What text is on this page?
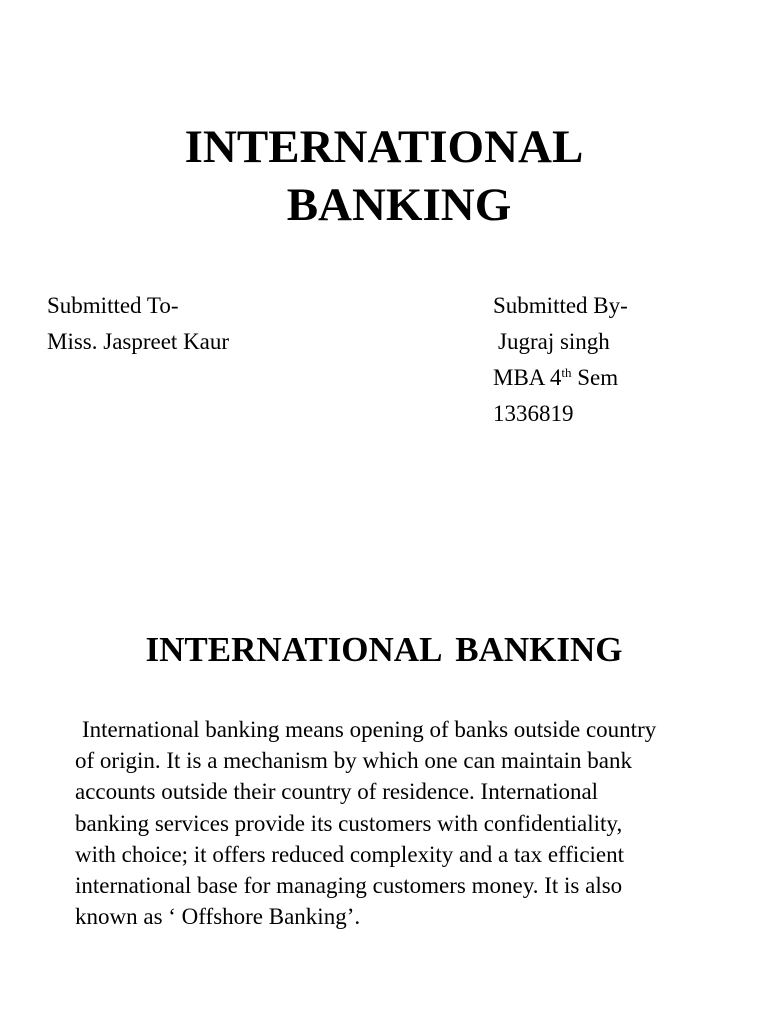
INTERNATIONAL
BANKING
Submitted To-
Miss. Jaspreet Kaur
Submitted By-
Jugraj singh
MBA 4th Sem
1336819
INTERNATIONAL BANKING
International banking means opening of banks outside country
of origin. It is a mechanism by which one can maintain bank
accounts outside their country of residence. International
banking services provide its customers with confidentiality,
with choice; it offers reduced complexity and a tax efficient
international base for managing customers money. It is also
known as ‘ Offshore Banking’.
